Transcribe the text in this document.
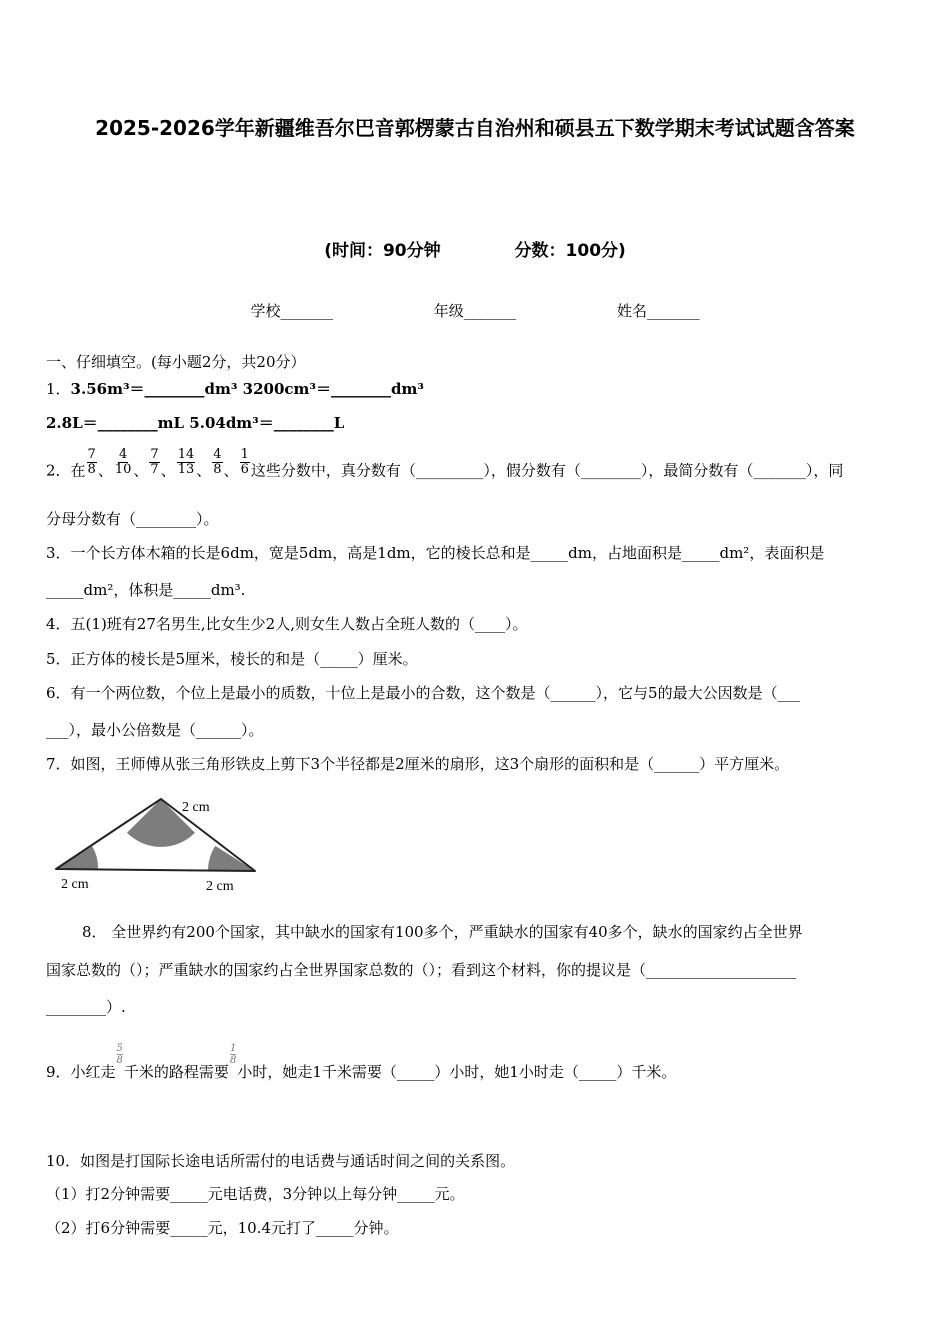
2025-2026学年新疆维吾尔巴音郭楞蒙古自治州和硕县五下数学期末考试试题含答案
(时间：90分钟	分数：100分)
学校_______	年级_______	姓名_______
一、仔细填空。(每小题2分，共20分）
1．3.56m³＝________dm³ 3200cm³＝________dm³
2.8L＝________mL 5.04dm³＝________L
2．在 $\frac{7}{8}$ 、 $\frac{4}{10}$ 、 $\frac{7}{7}$ 、 $\frac{14}{13}$ 、 $\frac{4}{8}$ 、 $\frac{1}{6}$ 这些分数中，真分数有（_________），假分数有（________），最简分数有（_______），同
分母分数有（________）。
3．一个长方体木箱的长是6dm，宽是5dm，高是1dm，它的棱长总和是_____dm，占地面积是_____dm²，表面积是
_____dm²，体积是_____dm³.
4．五(1)班有27名男生,比女生少2人,则女生人数占全班人数的（____）。
5．正方体的棱长是5厘米，棱长的和是（_____）厘米。
6．有一个两位数，个位上是最小的质数，十位上是最小的合数，这个数是（______），它与5的最大公因数是（___
___），最小公倍数是（______）。
7．如图，王师傅从张三角形铁皮上剪下3个半径都是2厘米的扇形，这3个扇形的面积和是（______）平方厘米。
2 cm
2 cm	2 cm
8． 全世界约有200个国家，其中缺水的国家有100多个，严重缺水的国家有40多个，缺水的国家约占全世界
国家总数的（）；严重缺水的国家约占全世界国家总数的（）；看到这个材料，你的提议是（____________________
________）.
9．小红走
$\frac{5}{8}$
千米的路程需要
$\frac{1}{8}$
小时，她走1千米需要（_____）小时，她1小时走（_____）千米。
10．如图是打国际长途电话所需付的电话费与通话时间之间的关系图。
（1）打2分钟需要_____元电话费，3分钟以上每分钟_____元。
（2）打6分钟需要_____元，10.4元打了_____分钟。
